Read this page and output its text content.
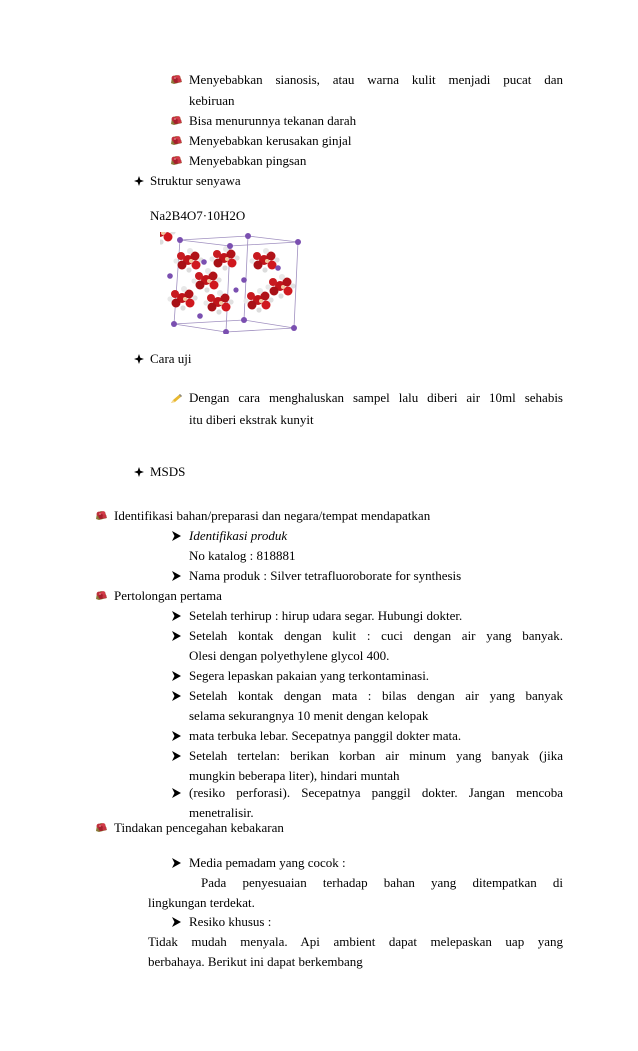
Menyebabkan sianosis, atau warna kulit menjadi pucat dan
kebiruan
Bisa menurunnya tekanan darah
Menyebabkan kerusakan ginjal
Menyebabkan pingsan
Struktur senyawa
Na2B4O7·10H2O
Cara uji
Dengan cara menghaluskan sampel lalu diberi air 10ml sehabis
itu diberi ekstrak kunyit
MSDS
Identifikasi bahan/preparasi dan negara/tempat mendapatkan
Identifikasi produk
No katalog : 818881
Nama produk : Silver tetrafluoroborate for synthesis
Pertolongan pertama
Setelah terhirup : hirup udara segar. Hubungi dokter.
Setelah kontak dengan kulit : cuci dengan air yang banyak.
Olesi dengan polyethylene glycol 400.
Segera lepaskan pakaian yang terkontaminasi.
Setelah kontak dengan mata : bilas dengan air yang banyak
selama sekurangnya 10 menit dengan kelopak
mata terbuka lebar. Secepatnya panggil dokter mata.
Setelah tertelan: berikan korban air minum yang banyak (jika
mungkin beberapa liter), hindari muntah
(resiko perforasi). Secepatnya panggil dokter. Jangan mencoba
menetralisir.
Tindakan pencegahan kebakaran
Media pemadam yang cocok :
Pada penyesuaian terhadap bahan yang ditempatkan di
lingkungan terdekat.
Resiko khusus :
Tidak mudah menyala. Api ambient dapat melepaskan uap yang
berbahaya. Berikut ini dapat berkembang
